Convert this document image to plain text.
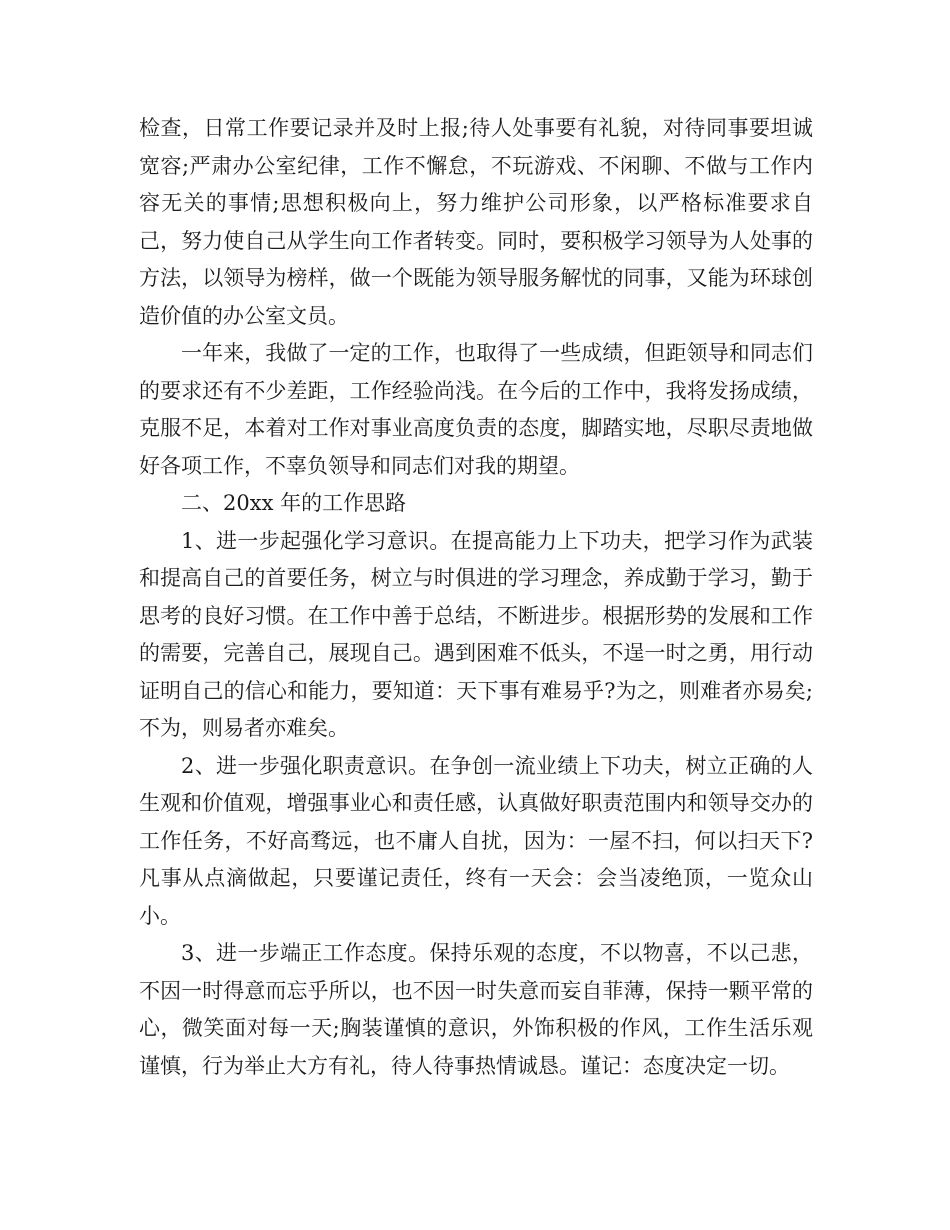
检查，日常工作要记录并及时上报;待人处事要有礼貌，对待同事要坦诚宽容;严肃办公室纪律，工作不懈怠，不玩游戏、不闲聊、不做与工作内容无关的事情;思想积极向上，努力维护公司形象，以严格标准要求自己，努力使自己从学生向工作者转变。同时，要积极学习领导为人处事的方法，以领导为榜样，做一个既能为领导服务解忧的同事，又能为环球创造价值的办公室文员。

一年来，我做了一定的工作，也取得了一些成绩，但距领导和同志们的要求还有不少差距，工作经验尚浅。在今后的工作中，我将发扬成绩，克服不足，本着对工作对事业高度负责的态度，脚踏实地，尽职尽责地做好各项工作，不辜负领导和同志们对我的期望。

二、20xx 年的工作思路

1、进一步起强化学习意识。在提高能力上下功夫，把学习作为武装和提高自己的首要任务，树立与时俱进的学习理念，养成勤于学习，勤于思考的良好习惯。在工作中善于总结，不断进步。根据形势的发展和工作的需要，完善自己，展现自己。遇到困难不低头，不逞一时之勇，用行动证明自己的信心和能力，要知道：天下事有难易乎?为之，则难者亦易矣;不为，则易者亦难矣。

2、进一步强化职责意识。在争创一流业绩上下功夫，树立正确的人生观和价值观，增强事业心和责任感，认真做好职责范围内和领导交办的工作任务，不好高骛远，也不庸人自扰，因为：一屋不扫，何以扫天下?凡事从点滴做起，只要谨记责任，终有一天会：会当凌绝顶，一览众山小。

3、进一步端正工作态度。保持乐观的态度，不以物喜，不以己悲，不因一时得意而忘乎所以，也不因一时失意而妄自菲薄，保持一颗平常的心，微笑面对每一天;胸装谨慎的意识，外饰积极的作风，工作生活乐观谨慎，行为举止大方有礼，待人待事热情诚恳。谨记：态度决定一切。
